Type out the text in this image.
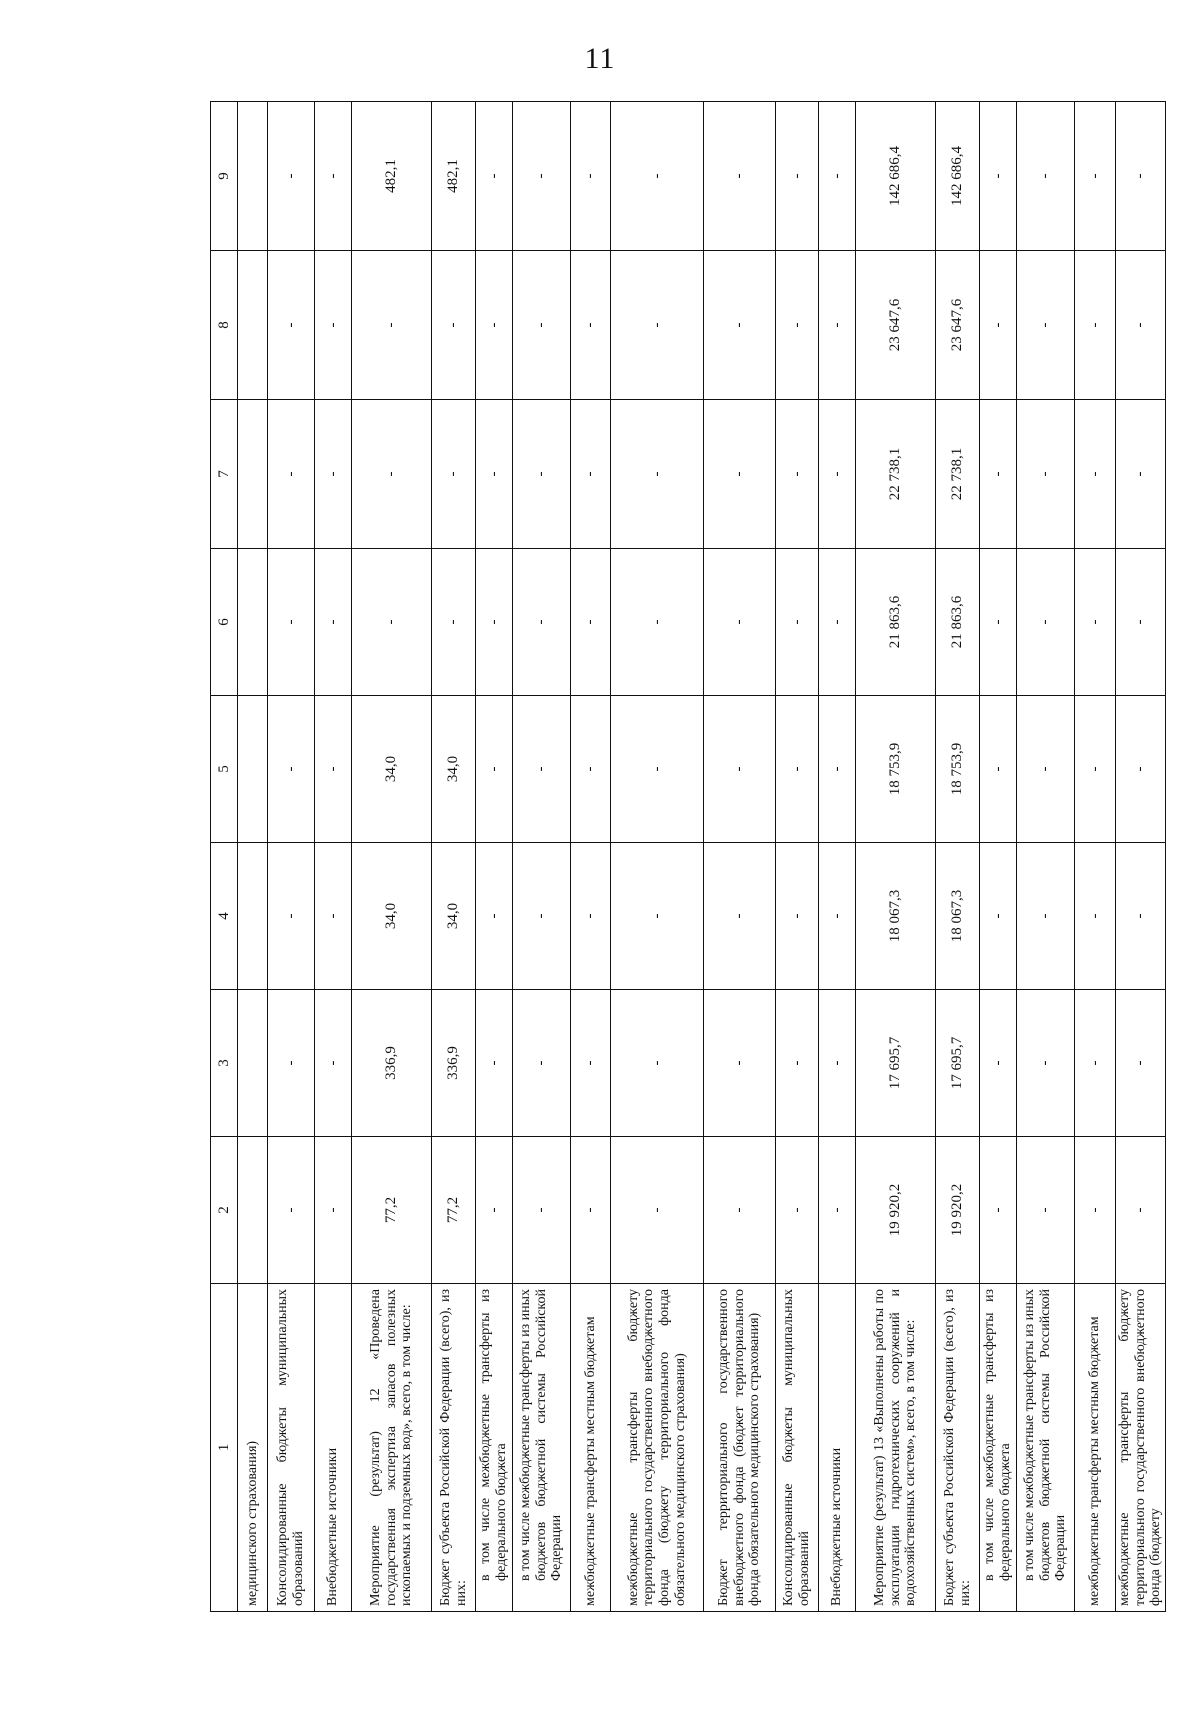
11
1	2	3	4	5	6	7	8	9
медицинского страхования)								
Консолидированные бюджеты муниципальных образований	-	-	-	-	-	-	-	-
Внебюджетные источники	-	-	-	-	-	-	-	-
Мероприятие (результат) 12 «Проведена государственная экспертиза запасов полезных ископаемых и подземных вод», всего, в том числе:	77,2	336,9	34,0	34,0	-	-	-	482,1
Бюджет субъекта Российской Федерации (всего), из них:	77,2	336,9	34,0	34,0	-	-	-	482,1
в том числе межбюджетные трансферты из федерального бюджета	-	-	-	-	-	-	-	-
в том числе межбюджетные трансферты из иных бюджетов бюджетной системы Российской Федерации	-	-	-	-	-	-	-	-
межбюджетные трансферты местным бюджетам	-	-	-	-	-	-	-	-
межбюджетные трансферты бюджету территориального государственного внебюджетного фонда (бюджету территориального фонда обязательного медицинского страхования)	-	-	-	-	-	-	-	-
Бюджет территориального государственного внебюджетного фонда (бюджет территориального фонда обязательного медицинского страхования)	-	-	-	-	-	-	-	-
Консолидированные бюджеты муниципальных образований	-	-	-	-	-	-	-	-
Внебюджетные источники	-	-	-	-	-	-	-	-
Мероприятие (результат) 13 «Выполнены работы по эксплуатации гидротехнических сооружений и водохозяйственных систем», всего, в том числе:	19 920,2	17 695,7	18 067,3	18 753,9	21 863,6	22 738,1	23 647,6	142 686,4
Бюджет субъекта Российской Федерации (всего), из них:	19 920,2	17 695,7	18 067,3	18 753,9	21 863,6	22 738,1	23 647,6	142 686,4
в том числе межбюджетные трансферты из федерального бюджета	-	-	-	-	-	-	-	-
в том числе межбюджетные трансферты из иных бюджетов бюджетной системы Российской Федерации	-	-	-	-	-	-	-	-
межбюджетные трансферты местным бюджетам	-	-	-	-	-	-	-	-
межбюджетные трансферты бюджету территориального государственного внебюджетного фонда (бюджету	-	-	-	-	-	-	-	-
